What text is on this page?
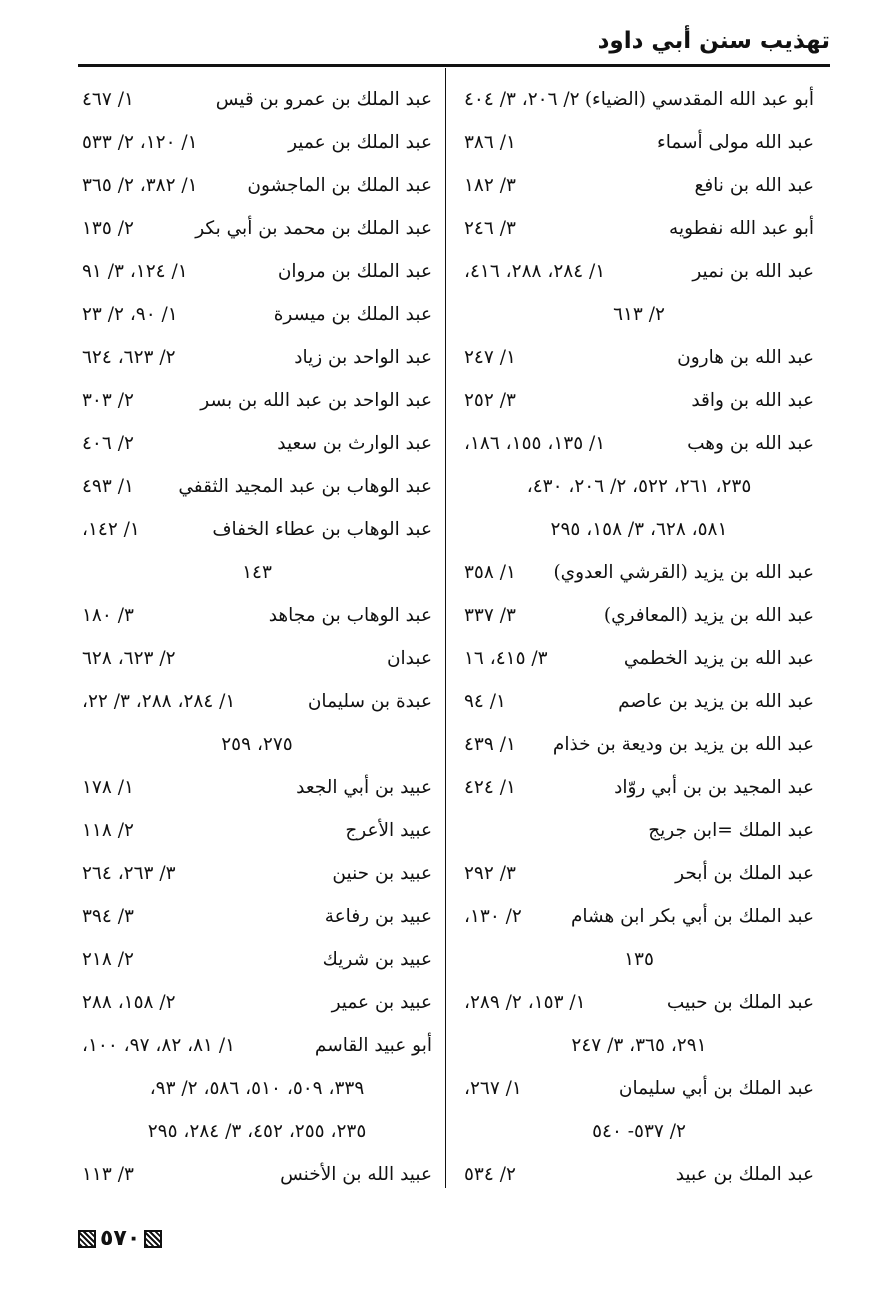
تهذيب سنن أبي داود
أبو عبد الله المقدسي (الضياء)
٢/ ٢٠٦، ٣/ ٤٠٤
عبد الله مولى أسماء
١/ ٣٨٦
عبد الله بن نافع
٣/ ١٨٢
أبو عبد الله نفطويه
٣/ ٢٤٦
عبد الله بن نمير
١/ ٢٨٤، ٢٨٨، ٤١٦،
٢/ ٦١٣
عبد الله بن هارون
١/ ٢٤٧
عبد الله بن واقد
٣/ ٢٥٢
عبد الله بن وهب
١/ ١٣٥، ١٥٥، ١٨٦،
٢٣٥، ٢٦١، ٥٢٢، ٢/ ٢٠٦، ٤٣٠،
٥٨١، ٦٢٨، ٣/ ١٥٨، ٢٩٥
عبد الله بن يزيد (القرشي العدوي)
١/ ٣٥٨
عبد الله بن يزيد (المعافري)
٣/ ٣٣٧
عبد الله بن يزيد الخطمي
٣/ ٤١٥، ١٦
عبد الله بن يزيد بن عاصم
١/ ٩٤
عبد الله بن يزيد بن وديعة بن خذام
١/ ٤٣٩
عبد المجيد بن بن أبي روّاد
١/ ٤٢٤
عبد الملك =ابن جريج
عبد الملك بن أبحر
٣/ ٢٩٢
عبد الملك بن أبي بكر ابن هشام
٢/ ١٣٠،
١٣٥
عبد الملك بن حبيب
١/ ١٥٣، ٢/ ٢٨٩،
٢٩١، ٣٦٥، ٣/ ٢٤٧
عبد الملك بن أبي سليمان
١/ ٢٦٧،
٢/ ٥٣٧- ٥٤٠
عبد الملك بن عبيد
٢/ ٥٣٤
عبد الملك بن عمرو بن قيس
١/ ٤٦٧
عبد الملك بن عمير
١/ ١٢٠، ٢/ ٥٣٣
عبد الملك بن الماجشون
١/ ٣٨٢، ٢/ ٣٦٥
عبد الملك بن محمد بن أبي بكر
٢/ ١٣٥
عبد الملك بن مروان
١/ ١٢٤، ٣/ ٩١
عبد الملك بن ميسرة
١/ ٩٠، ٢/ ٢٣
عبد الواحد بن زياد
٢/ ٦٢٣، ٦٢٤
عبد الواحد بن عبد الله بن بسر
٢/ ٣٠٣
عبد الوارث بن سعيد
٢/ ٤٠٦
عبد الوهاب بن عبد المجيد الثقفي
١/ ٤٩٣
عبد الوهاب بن عطاء الخفاف
١/ ١٤٢،
١٤٣
عبد الوهاب بن مجاهد
٣/ ١٨٠
عبدان
٢/ ٦٢٣، ٦٢٨
عبدة بن سليمان
١/ ٢٨٤، ٢٨٨، ٣/ ٢٢،
٢٧٥، ٢٥٩
عبيد بن أبي الجعد
١/ ١٧٨
عبيد الأعرج
٢/ ١١٨
عبيد بن حنين
٣/ ٢٦٣، ٢٦٤
عبيد بن رفاعة
٣/ ٣٩٤
عبيد بن شريك
٢/ ٢١٨
عبيد بن عمير
٢/ ١٥٨، ٢٨٨
أبو عبيد القاسم
١/ ٨١، ٨٢، ٩٧، ١٠٠،
٣٣٩، ٥٠٩، ٥١٠، ٥٨٦، ٢/ ٩٣،
٢٣٥، ٢٥٥، ٤٥٢، ٣/ ٢٨٤، ٢٩٥
عبيد الله بن الأخنس
٣/ ١١٣
٥٧٠
